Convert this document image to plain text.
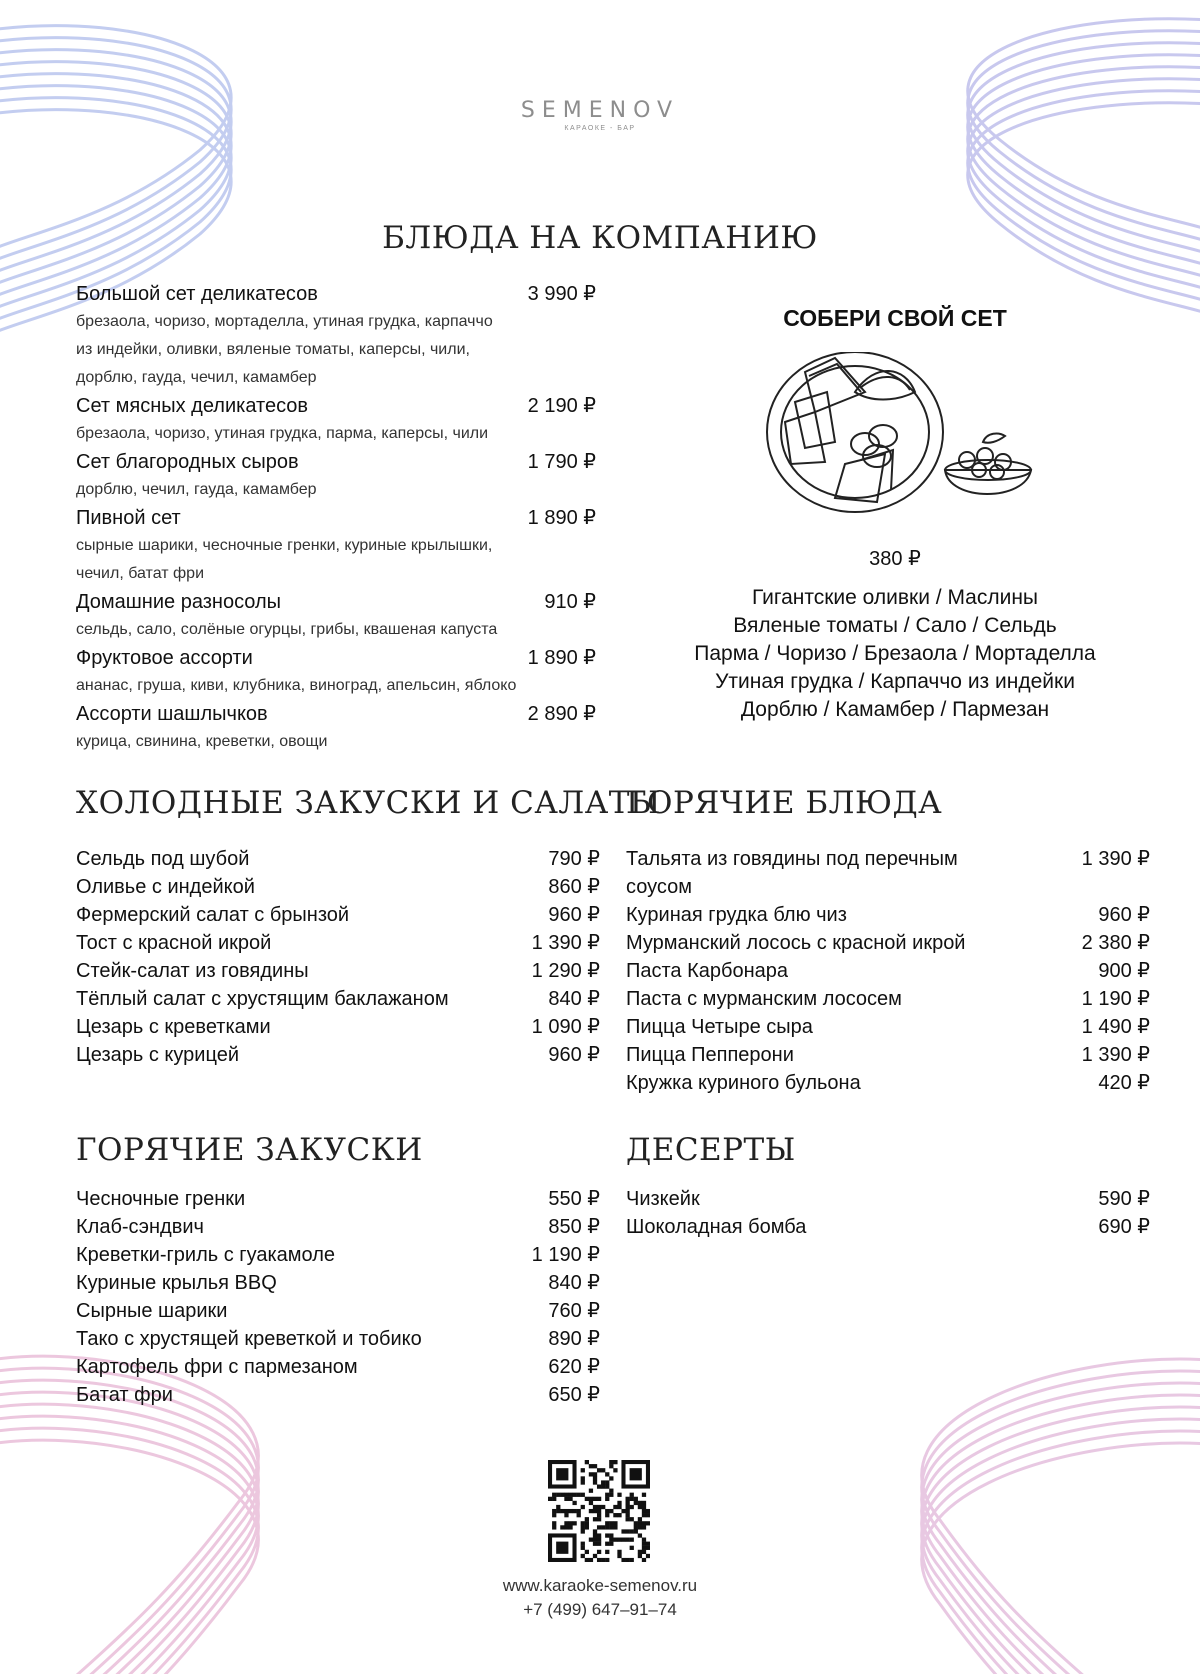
SEMENOV
КАРАОКЕ - БАР
БЛЮДА НА КОМПАНИЮ
Большой сет деликатесов	3 990 ₽
брезаола, чоризо, мортаделла, утиная грудка, карпаччо
из индейки, оливки, вяленые томаты, каперсы, чили,
дорблю, гауда, чечил, камамбер
Сет мясных деликатесов	2 190 ₽
брезаола, чоризо, утиная грудка, парма, каперсы, чили
Сет благородных сыров	1 790 ₽
дорблю, чечил, гауда, камамбер
Пивной сет	1 890 ₽
сырные шарики, чесночные гренки, куриные крылышки,
чечил, батат фри
Домашние разносолы	910 ₽
сельдь, сало, солёные огурцы, грибы, квашеная капуста
Фруктовое ассорти	1 890 ₽
ананас, груша, киви, клубника, виноград, апельсин, яблоко
Ассорти шашлычков	2 890 ₽
курица, свинина, креветки, овощи
СОБЕРИ СВОЙ СЕТ
380 ₽
Гигантские оливки / Маслины
Вяленые томаты / Сало / Сельдь
Парма / Чоризо / Брезаола / Мортаделла
Утиная грудка / Карпаччо из индейки
Дорблю / Камамбер / Пармезан
ХОЛОДНЫЕ ЗАКУСКИ И САЛАТЫ
Сельдь под шубой	790 ₽
Оливье с индейкой	860 ₽
Фермерский салат с брынзой	960 ₽
Тост с красной икрой	1 390 ₽
Стейк-салат из говядины	1 290 ₽
Тёплый салат с хрустящим баклажаном	840 ₽
Цезарь с креветками	1 090 ₽
Цезарь с курицей	960 ₽
ГОРЯЧИЕ БЛЮДА
Тальята из говядины под перечным соусом
1 390 ₽
Куриная грудка блю чиз	960 ₽
Мурманский лосось с красной икрой	2 380 ₽
Паста Карбонара	900 ₽
Паста с мурманским лососем	1 190 ₽
Пицца Четыре сыра	1 490 ₽
Пицца Пепперони	1 390 ₽
Кружка куриного бульона	420 ₽
ГОРЯЧИЕ ЗАКУСКИ
Чесночные гренки	550 ₽
Клаб-сэндвич	850 ₽
Креветки-гриль с гуакамоле	1 190 ₽
Куриные крылья BBQ	840 ₽
Сырные шарики	760 ₽
Тако с хрустящей креветкой и тобико	890 ₽
Картофель фри с пармезаном	620 ₽
Батат фри	650 ₽
ДЕСЕРТЫ
Чизкейк	590 ₽
Шоколадная бомба	690 ₽
www.karaoke-semenov.ru
+7 (499) 647–91–74
